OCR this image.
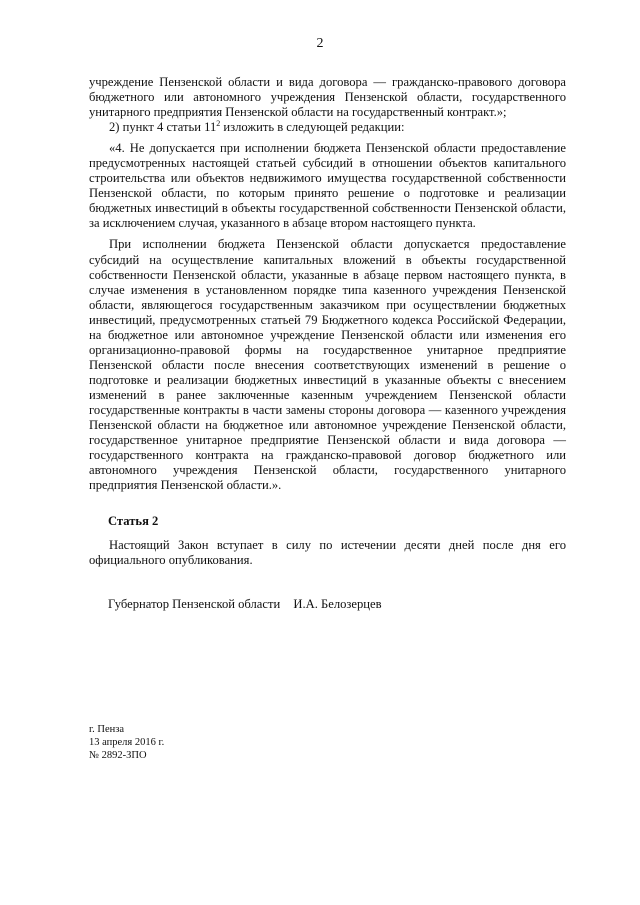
2

учреждение Пензенской области и вида договора — гражданско-правового договора бюджетного или автономного учреждения Пензенской области, государственного унитарного предприятия Пензенской области на государственный контракт.»;

2) пункт 4 статьи $11^2$ изложить в следующей редакции:

«4. Не допускается при исполнении бюджета Пензенской области предоставление предусмотренных настоящей статьей субсидий в отношении объектов капитального строительства или объектов недвижимого имущества государственной собственности Пензенской области, по которым принято решение о подготовке и реализации бюджетных инвестиций в объекты государственной собственности Пензенской области, за исключением случая, указанного в абзаце втором настоящего пункта.

При исполнении бюджета Пензенской области допускается предоставление субсидий на осуществление капитальных вложений в объекты государственной собственности Пензенской области, указанные в абзаце первом настоящего пункта, в случае изменения в установленном порядке типа казенного учреждения Пензенской области, являющегося государственным заказчиком при осуществлении бюджетных инвестиций, предусмотренных статьей 79 Бюджетного кодекса Российской Федерации, на бюджетное или автономное учреждение Пензенской области или изменения его организационно-правовой формы на государственное унитарное предприятие Пензенской области после внесения соответствующих изменений в решение о подготовке и реализации бюджетных инвестиций в указанные объекты с внесением изменений в ранее заключенные казенным учреждением Пензенской области государственные контракты в части замены стороны договора — казенного учреждения Пензенской области на бюджетное или автономное учреждение Пензенской области, государственное унитарное предприятие Пензенской области и вида договора — государственного контракта на гражданско-правовой договор бюджетного или автономного учреждения Пензенской области, государственного унитарного предприятия Пензенской области.».

Статья 2
Настоящий Закон вступает в силу по истечении десяти дней после дня его официального опубликования.
Губернатор Пензенской области И.А. Белозерцев
г. Пенза
13 апреля 2016 г.
№ 2892-ЗПО
